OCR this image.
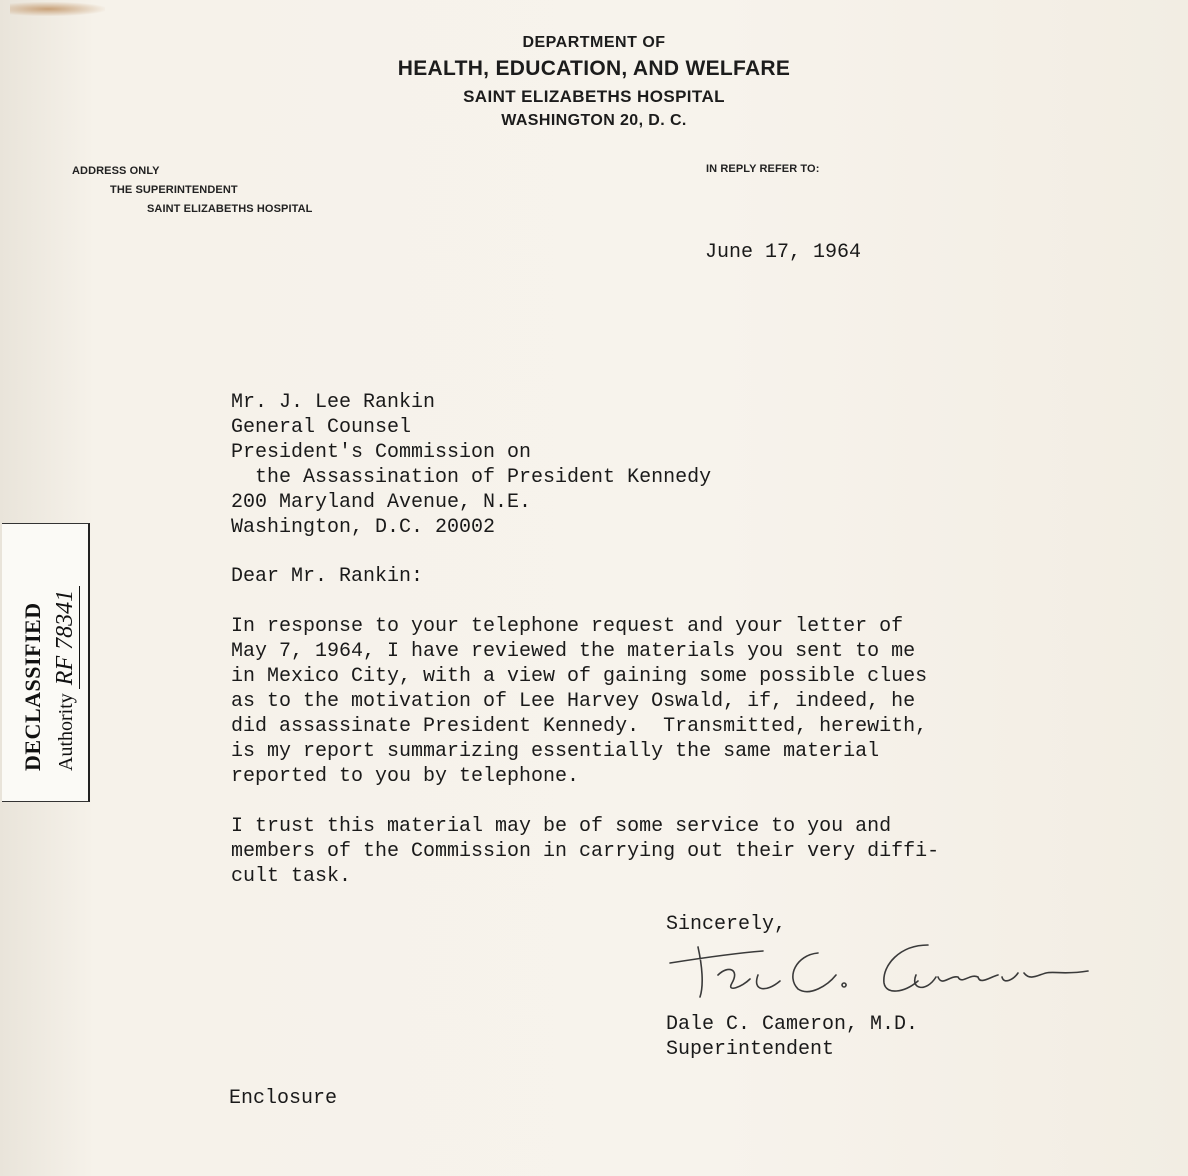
DEPARTMENT OF
HEALTH, EDUCATION, AND WELFARE
SAINT ELIZABETHS HOSPITAL
WASHINGTON 20, D. C.
ADDRESS ONLY
THE SUPERINTENDENT
SAINT ELIZABETHS HOSPITAL
IN REPLY REFER TO:
June 17, 1964
Mr. J. Lee Rankin
General Counsel
President's Commission on
the Assassination of President Kennedy
200 Maryland Avenue, N.E.
Washington, D.C. 20002
Dear Mr. Rankin:
In response to your telephone request and your letter of
May 7, 1964, I have reviewed the materials you sent to me
in Mexico City, with a view of gaining some possible clues
as to the motivation of Lee Harvey Oswald, if, indeed, he
did assassinate President Kennedy.  Transmitted, herewith,
is my report summarizing essentially the same material
reported to you by telephone.
I trust this material may be of some service to you and
members of the Commission in carrying out their very diffi-
cult task.
Sincerely,
Dale C. Cameron, M.D.
Superintendent
Enclosure
DECLASSIFIED AuthorityRF 78341
